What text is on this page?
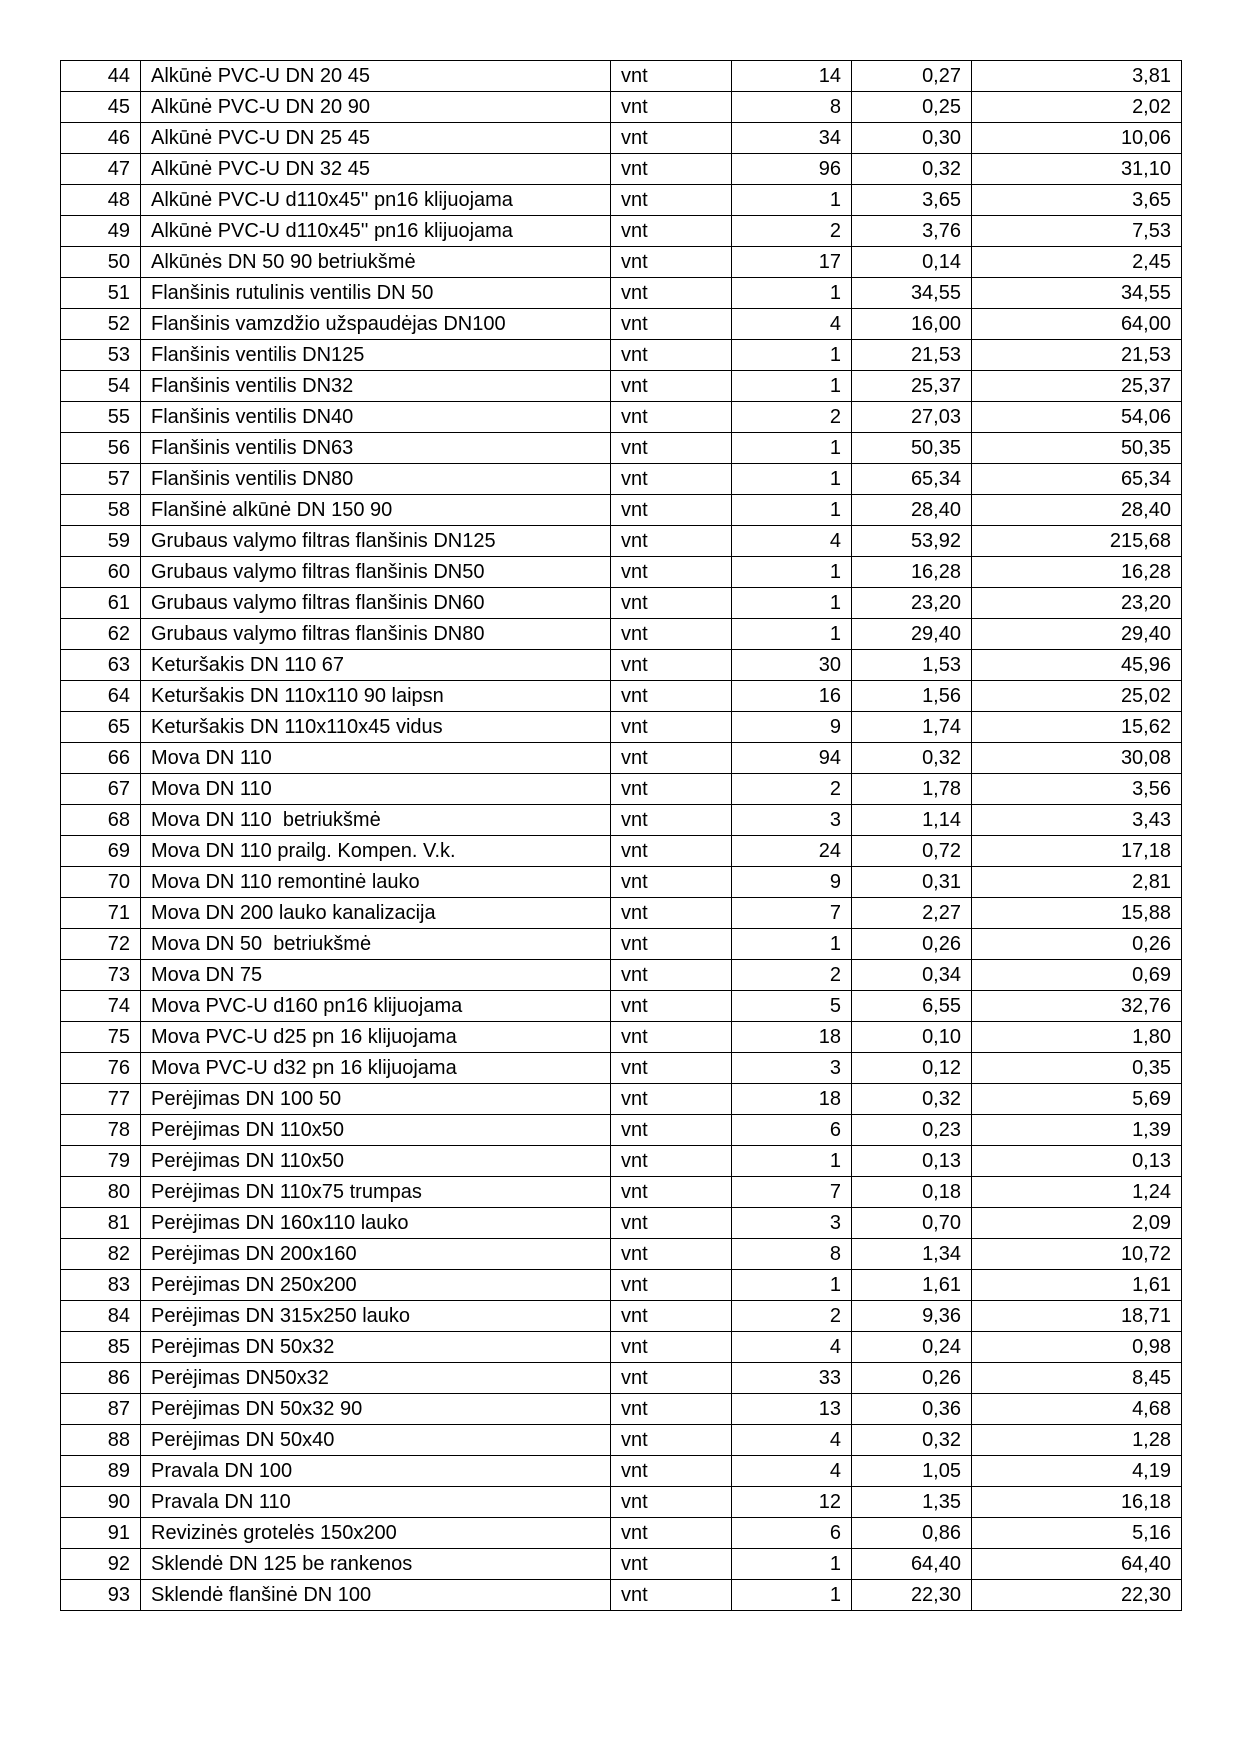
44	Alkūnė PVC-U DN 20 45	vnt	14	0,27	3,81
45	Alkūnė PVC-U DN 20 90	vnt	8	0,25	2,02
46	Alkūnė PVC-U DN 25 45	vnt	34	0,30	10,06
47	Alkūnė PVC-U DN 32 45	vnt	96	0,32	31,10
48	Alkūnė PVC-U d110x45'' pn16 klijuojama	vnt	1	3,65	3,65
49	Alkūnė PVC-U d110x45'' pn16 klijuojama	vnt	2	3,76	7,53
50	Alkūnės DN 50 90 betriukšmė	vnt	17	0,14	2,45
51	Flanšinis rutulinis ventilis DN 50	vnt	1	34,55	34,55
52	Flanšinis vamzdžio užspaudėjas DN100	vnt	4	16,00	64,00
53	Flanšinis ventilis DN125	vnt	1	21,53	21,53
54	Flanšinis ventilis DN32	vnt	1	25,37	25,37
55	Flanšinis ventilis DN40	vnt	2	27,03	54,06
56	Flanšinis ventilis DN63	vnt	1	50,35	50,35
57	Flanšinis ventilis DN80	vnt	1	65,34	65,34
58	Flanšinė alkūnė DN 150 90	vnt	1	28,40	28,40
59	Grubaus valymo filtras flanšinis DN125	vnt	4	53,92	215,68
60	Grubaus valymo filtras flanšinis DN50	vnt	1	16,28	16,28
61	Grubaus valymo filtras flanšinis DN60	vnt	1	23,20	23,20
62	Grubaus valymo filtras flanšinis DN80	vnt	1	29,40	29,40
63	Keturšakis DN 110 67	vnt	30	1,53	45,96
64	Keturšakis DN 110x110 90 laipsn	vnt	16	1,56	25,02
65	Keturšakis DN 110x110x45 vidus	vnt	9	1,74	15,62
66	Mova DN 110	vnt	94	0,32	30,08
67	Mova DN 110	vnt	2	1,78	3,56
68	Mova DN 110  betriukšmė	vnt	3	1,14	3,43
69	Mova DN 110 prailg. Kompen. V.k.	vnt	24	0,72	17,18
70	Mova DN 110 remontinė lauko	vnt	9	0,31	2,81
71	Mova DN 200 lauko kanalizacija	vnt	7	2,27	15,88
72	Mova DN 50  betriukšmė	vnt	1	0,26	0,26
73	Mova DN 75	vnt	2	0,34	0,69
74	Mova PVC-U d160 pn16 klijuojama	vnt	5	6,55	32,76
75	Mova PVC-U d25 pn 16 klijuojama	vnt	18	0,10	1,80
76	Mova PVC-U d32 pn 16 klijuojama	vnt	3	0,12	0,35
77	Perėjimas DN 100 50	vnt	18	0,32	5,69
78	Perėjimas DN 110x50	vnt	6	0,23	1,39
79	Perėjimas DN 110x50	vnt	1	0,13	0,13
80	Perėjimas DN 110x75 trumpas	vnt	7	0,18	1,24
81	Perėjimas DN 160x110 lauko	vnt	3	0,70	2,09
82	Perėjimas DN 200x160	vnt	8	1,34	10,72
83	Perėjimas DN 250x200	vnt	1	1,61	1,61
84	Perėjimas DN 315x250 lauko	vnt	2	9,36	18,71
85	Perėjimas DN 50x32	vnt	4	0,24	0,98
86	Perėjimas DN50x32	vnt	33	0,26	8,45
87	Perėjimas DN 50x32 90	vnt	13	0,36	4,68
88	Perėjimas DN 50x40	vnt	4	0,32	1,28
89	Pravala DN 100	vnt	4	1,05	4,19
90	Pravala DN 110	vnt	12	1,35	16,18
91	Revizinės grotelės 150x200	vnt	6	0,86	5,16
92	Sklendė DN 125 be rankenos	vnt	1	64,40	64,40
93	Sklendė flanšinė DN 100	vnt	1	22,30	22,30
